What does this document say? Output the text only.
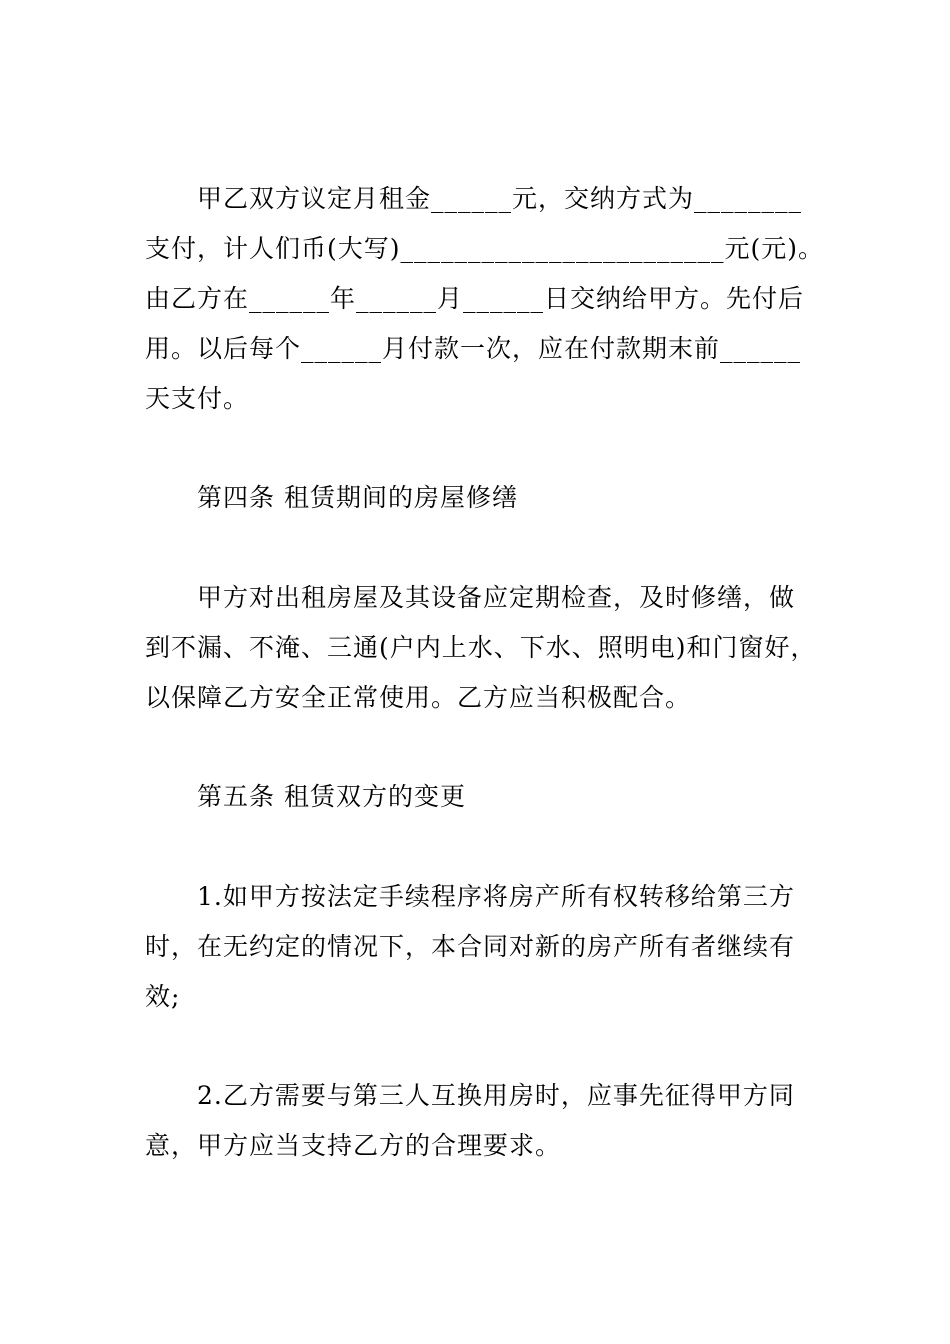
甲乙双方议定月租金______元，交纳方式为________
支付，计人们币(大写)________________________元(元)。
由乙方在______年______月______日交纳给甲方。先付后
用。以后每个______月付款一次，应在付款期末前______
天支付。
第四条 租赁期间的房屋修缮
甲方对出租房屋及其设备应定期检查，及时修缮，做
到不漏、不淹、三通(户内上水、下水、照明电)和门窗好，
以保障乙方安全正常使用。乙方应当积极配合。
第五条 租赁双方的变更
1.如甲方按法定手续程序将房产所有权转移给第三方
时，在无约定的情况下，本合同对新的房产所有者继续有
效;
2.乙方需要与第三人互换用房时，应事先征得甲方同
意，甲方应当支持乙方的合理要求。
